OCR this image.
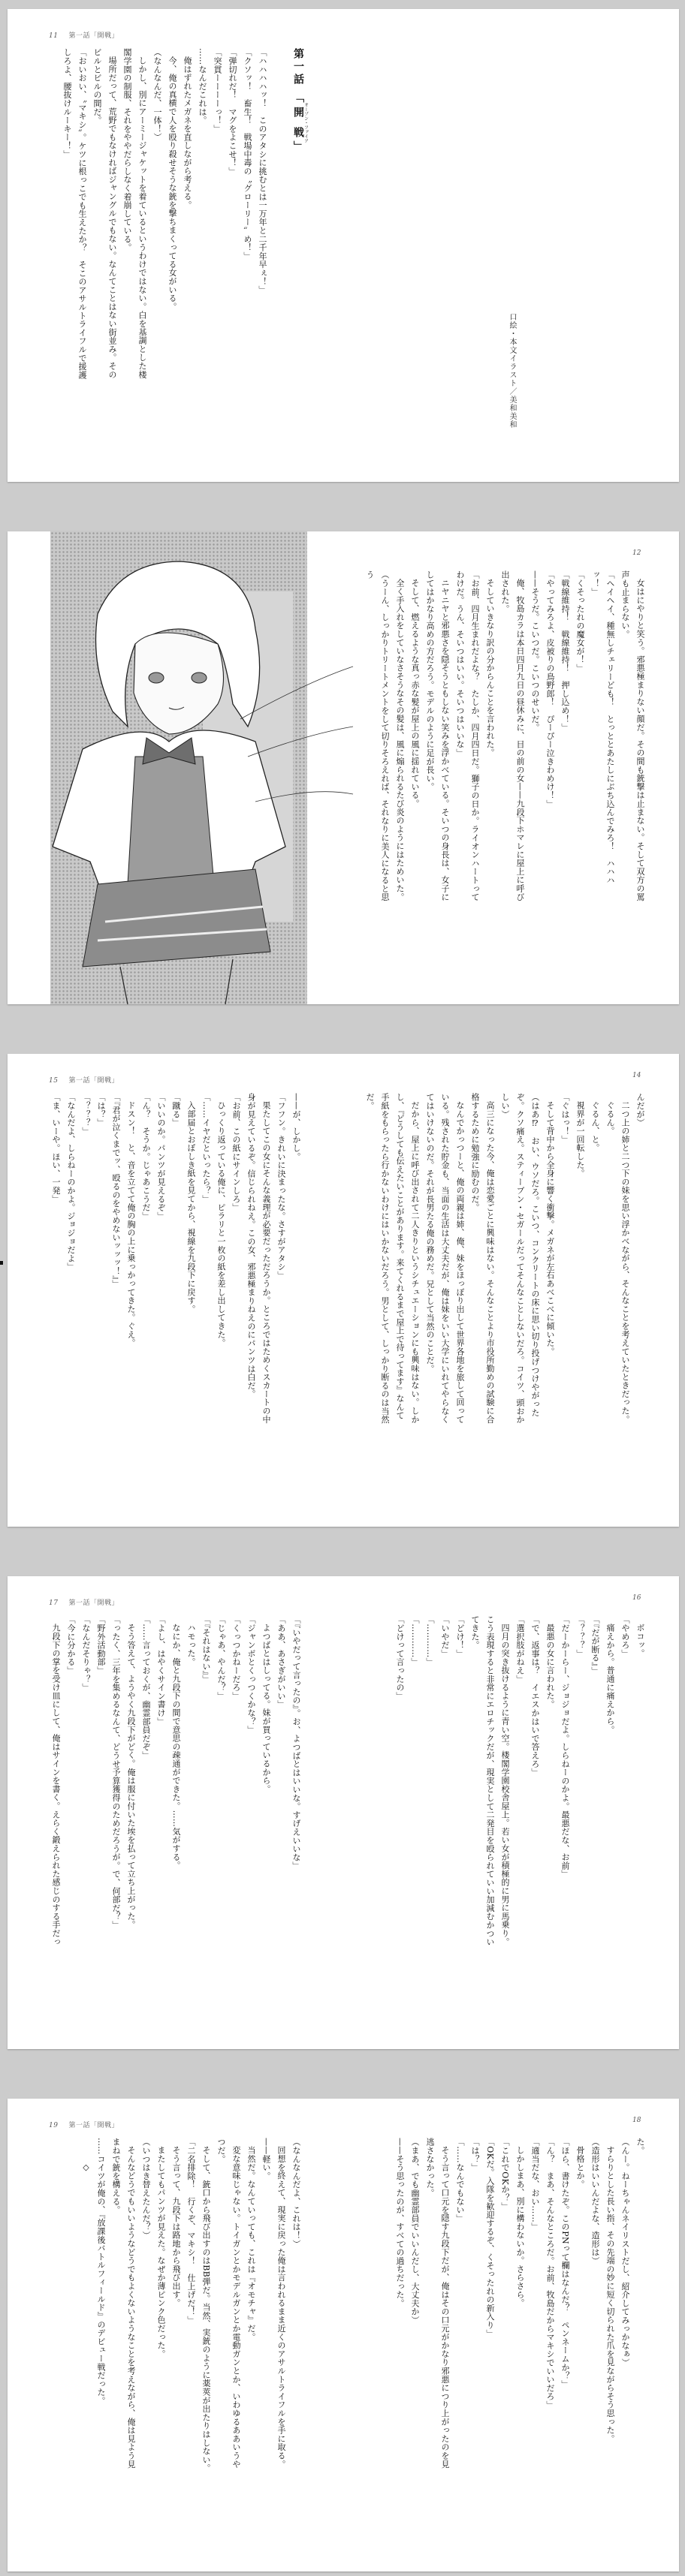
口絵・本文イラスト／美和美和
11 第一話「開戦」
第一話 「開戦オープン・ファイア」

「ハハハハッ！　このアタシに挑むとは一万年と二千年早ぇ！」

「クソッ！　畜生！　戦場中毒の〝グローリー〟め！」

「弾切れだ！　マグをよこせ！」

「突貫ーーーーっ！」

……なんだこれは。

俺はずれたメガネを直しながら考える。

今、俺の真横で人を殴り殺せそうな銃を撃ちまくってる女がいる。

（なんなんだ、一体！）

しかし、別にアーミージャケットを着ているというわけではない。白を基調とした楼閣学園の制服、それをややだらしなく着崩している。

場所だって、荒野でもなければジャングルでもない。なんてことはない街並み。そのビルとビルの間だ。

「おいおい、〝マキシ〟。ケツに根っこでも生えたか？　そこのアサルトライフルで援護しろよ、腰抜けルーキー！」

12

女はにやりと笑う。邪悪極まりない顔だ。その間も銃撃は止まない。そして双方の罵声も止まらない。

「ヘイヘイ、種無しチェリーども！　とっととあたしにぶち込んでみろ！　ハハハッ！」

「くそったれの魔女が！」

「戦線維持！　戦線維持！　押し込め！」

「やってみろよ、皮被りの鳥野郎！　ぴーぴー泣きわめけ！」

——そうだ。こいつだ。こいつのせいだ。

俺、牧島カラは本日四月九日の昼休みに、目の前の女——九段下ホマレに屋上に呼び出された。

そしていきなり訳の分からんことを言われた。

「お前、四月生まれだよな？　たしか、四月四日だ。獅子の日か。ライオンハートってわけだ。うん、そいつはいい。そいつはいいな」

ニヤニヤと邪悪さを隠そうともしない笑みを浮かべている。そいつの身長は、女子にしてはかなり高めの方だろう。モデルのように足が長い。

そして、燃えるような真っ赤な髪が屋上の風に揺れている。

全く手入れをしていなさそうなその髪は、風に煽られるたび炎のようにはためいた。

（うーん、しっかりトリートメントをして切りそろえれば、それなりに美人になると思う

14

んだが）

二つ上の姉と二つ下の妹を思い浮かべながら、そんなことを考えていたときだった。

ぐるん。

ぐるん、と。

視界が一回転した。

「ぐはっ！」

そして背中から全身に響く衝撃。メガネが左右あべこべに傾いた。

（はあ⁉　おい、ウソだろ。こいつ、コンクリートの床に思い切り投げつけやがったぞ。クソ痛え。スティーブン・セガールだってそんなことしないだろ。コイツ、頭おかしい）

高三になった今、俺は恋愛ごとに興味はない。そんなことより市役所勤めの試験に合格するために勉強に励むのだ。

なんでかっつーと、俺の両親は姉、俺、妹をほっぽり出して世界各地を旅して回っている。残された貯金も、当面の生活は大丈夫だが、俺は妹をいい大学にいれてやらなくてはいけないのだ。それが長男たる俺の務めだ。兄として当然のことだ。

だから、屋上に呼び出されて二人きりというシチュエーションにも興味はない。しかし、『どうしても伝えたいことがあります。来てくれるまで屋上で待ってます』なんて手紙をもらったら行かないわけにはいかないだろう。男として、しっかり断るのは当然だ。

15 第一話「開戦」

——が、しかし。

「フフン。きれいに決まったな。さすがアタシ」

果たしてこの女にそんな義理が必要だっただろうか。ところではためくスカートの中身が見えているぞ。信じられねえ。この女、邪悪極まりねえのにパンツは白だ。

「お前、この紙にサインしろ」

ひっくり返っている俺に、ピラリと一枚の紙を差し出してきた。

「……イヤだといったら？」

入部届とおぼしき紙を見てから、視線を九段下に戻す。

「蹴る」

「いいのか。パンツが見えるぞ」

「ん？　そうか。じゃあこうだ」

ドスン！　と、音を立てて俺の胸の上に乗っかってきた。ぐえ。

「『君が泣くまでッ、殴るのをやめないッッッ！』」

「は？」

「？？？」

「なんだよ、しらねーのかよ。ジョジョだよ」

「ま、いーや。ほい、一発」

16

ボコッ。

「やめろ」

痛えから。普通に痛えから。

「『だが断る』」

「？？？」

「だーかーらー、ジョジョだよ。しらねーのかよ。最悪だな、お前」

最悪の女に言われた。

「で、返事は？　イエスかはいで答えろ」

「選択肢がねえ」

四月の突き抜けるように青い空。楼閣学園校舎屋上。若い女が積極的に男に馬乗り。こう表現すると非常にエロチックだが、現実として二発目を殴られていい加減むかついてきた。

「どけ！」

「いやだ」

「…………」

「…………」

「どけって言ったの」

17 第一話「開戦」

「『いやだって言ったの』。お、よつばとはいいな。すげえいいな」

「ああ、あさぎがいい」

よつばとはしってる。妹が買っているから。

「ジャンボとくっつくかな？」

「くっつかねーだろ」

「じゃあ、やんだ？」

「『それはない』」

ハモった。

なにか、俺と九段下の間で意思の疎通ができた。……気がする。

「よし、はやくサイン書け」

「……言っておくが、幽霊部員だぞ」

そう答えて、ようやく九段下がどく。俺は服に付いた埃を払って立ち上がった。

「ったく、三年を集めるなんて、どうせ予算獲得のためだろうが。で、何部だ？」

「野外活動部」

「なんだそりゃ？」

「今に分かる」

九段下の掌を受け皿にして、俺はサインを書く。えらく鍛えられた感じのする手だっ

18

た。

（んー。ねーちゃんネイリストだし、紹介してみっかなぁ）

すらりとした長い指、その先端の妙に短く切られた爪を見ながらそう思った。

（造形はいいんだよな、造形は）

骨格とか。

「ほら、書けたぞ。このPNって欄はなんだ？　ペンネームか？」

「ん？　まあ、そんなところだ。お前、牧島だからマキシでいいだろ」

「適当だな、おい……」

しかしまあ、別に構わないか。さらさら。

「これでOKか？」

「OKだ。入隊を歓迎するぞ、くそったれの新入り」

「は？」

「……なんでもない」

そう言って口元を隠す九段下だが、俺はその口元がかなり邪悪につり上がったのを見逃さなかった。

（まあ、でも幽霊部員でいいんだし、大丈夫か）

——そう思ったのが、すべての過ちだった。

19 第一話「開戦」

（なんなんだよ、これは！）

回想を終えて、現実に戻った俺は言われるまま近くのアサルトライフルを手に取る。

——軽い。

当然だ。なんていっても、これは『オモチャ』だ。

変な意味じゃない。トイガンとかモデルガンとか電動ガンとか、いわゆるああいうやつだ。

そして、銃口から飛び出すのはBB弾だ。当然、実銃のように薬莢が出たりはしない。

「二名排除！　行くぞ、マキシ！　仕上げだ！」

そう言って、九段下は路地から飛び出す。

またしてもパンツが見えた。なぜか薄ピンク色だった。

（いつはき替えたんだ？）

そんなどうでもいいようなどうでもよくないようなことを考えながら、俺は見よう見まねで銃を構える。

……コイツが俺の、『放課後バトルフィールド』のデビュー戦だった。

◇
